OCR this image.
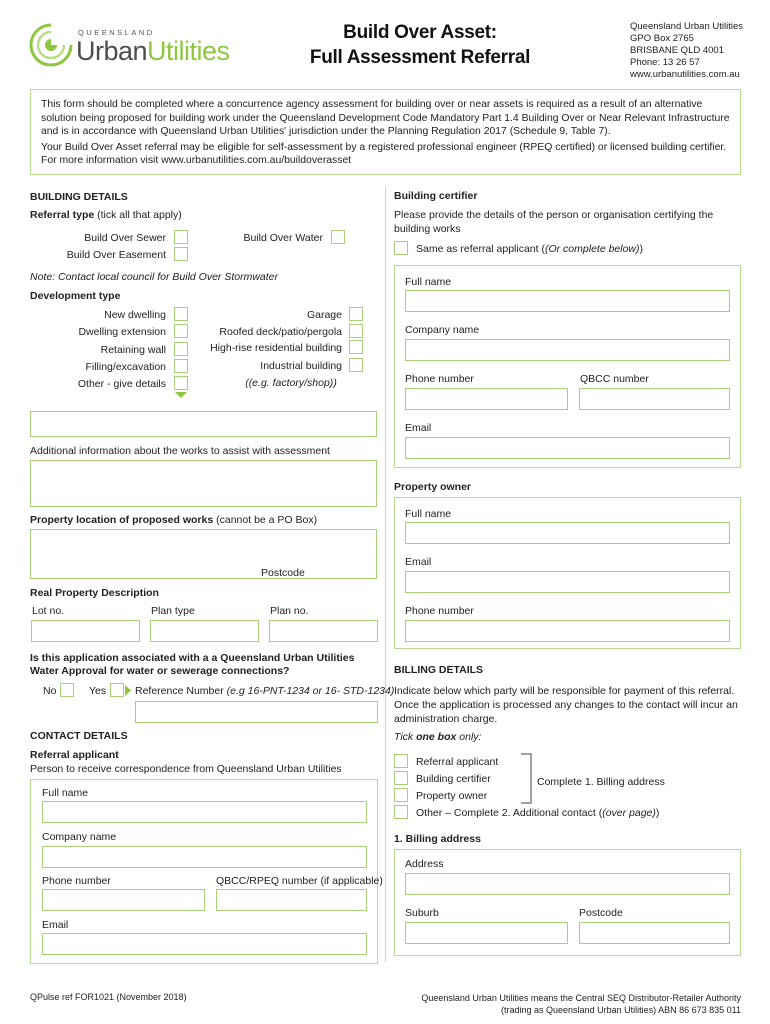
QUEENSLAND
UrbanUtilities
Build Over Asset:
Full Assessment Referral
Queensland Urban Utilities
GPO Box 2765
BRISBANE QLD 4001
Phone: 13 26 57
www.urbanutilities.com.au

This form should be completed where a concurrence agency assessment for building over or near assets is required as a result of an alternative solution being proposed for building work under the Queensland Development Code Mandatory Part 1.4 Building Over or Near Relevant Infrastructure and is in accordance with Queensland Urban Utilities' jurisdiction under the Planning Regulation 2017 (Schedule 9, Table 7).

Your Build Over Asset referral may be eligible for self-assessment by a registered professional engineer (RPEQ certified) or licensed building certifier. For more information visit www.urbanutilities.com.au/buildoverasset

BUILDING DETAILS
Referral type (tick all that apply)
Build Over Sewer	Build Over Water
Build Over Easement
Note: Contact local council for Build Over Stormwater
Development type
New dwelling
Dwelling extension
Retaining wall
Filling/excavation
Other - give details
Garage
Roofed deck/patio/pergola
High-rise residential building
Industrial building
((e.g. factory/shop))
Additional information about the works to assist with assessment
Property location of proposed works (cannot be a PO Box)
Postcode
Real Property Description
Lot no.	Plan type	Plan no.
Is this application associated with a a Queensland Urban Utilities
Water Approval for water or sewerage connections?
No	Yes	Reference Number (e.g 16-PNT-1234 or 16- STD-1234)
CONTACT DETAILS
Referral applicant
Person to receive correspondence from Queensland Urban Utilities
Full name
Company name
Phone number	QBCC/RPEQ number (if applicable)
Email
Building certifier
Please provide the details of the person or organisation certifying the building works
Same as referral applicant ((Or complete below))
Full name
Company name
Phone number	QBCC number
Email
Property owner
Full name
Email
Phone number
BILLING DETAILS
Indicate below which party will be responsible for payment of this referral. Once the application is processed any changes to the contact will incur an administration charge.
Tick one box only:
Referral applicant
Building certifier
Property owner
Other – Complete 2. Additional contact ((over page))
Complete 1. Billing address
1. Billing address
Address
Suburb	Postcode
QPulse ref FOR1021 (November 2018)	Queensland Urban Utilities means the Central SEQ Distributor-Retailer Authority
(trading as Queensland Urban Utilities) ABN 86 673 835 011
